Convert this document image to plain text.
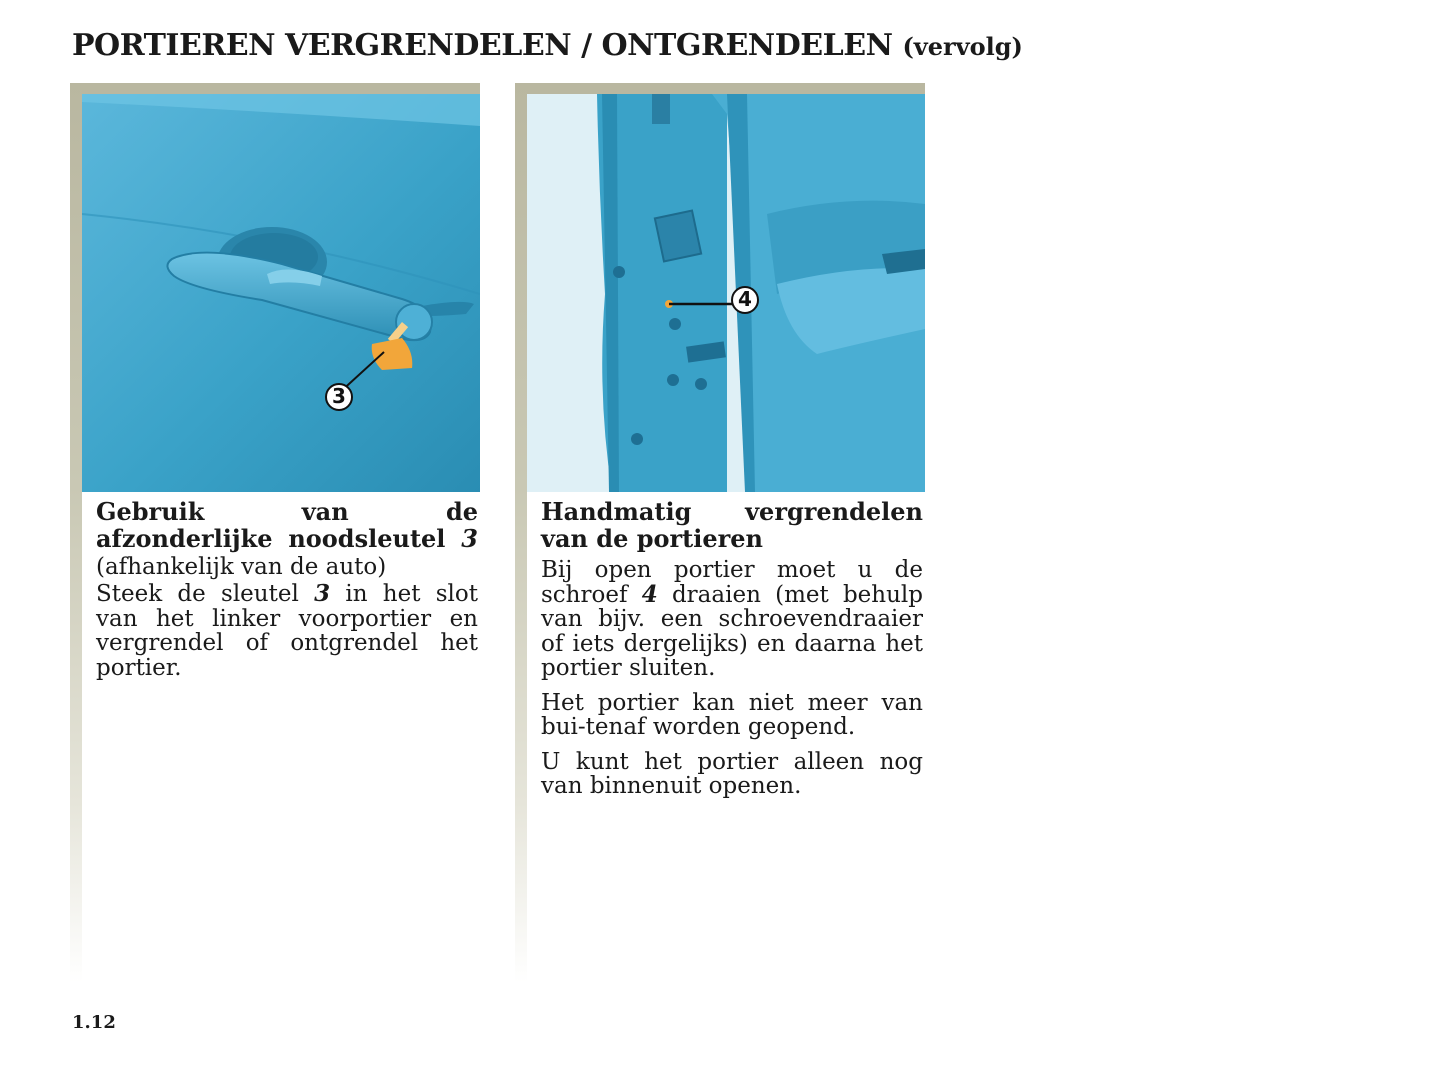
PORTIEREN VERGRENDELEN / ONTGRENDELEN (vervolg)
3
Gebruik van de afzonderlijke noodsleutel 3 (afhankelijk van de auto)

Steek de sleutel 3 in het slot van het linker voorportier en vergrendel of ontgrendel het portier.

4
Handmatig vergrendelen van de portieren

Bij open portier moet u de schroef 4 draaien (met behulp van bijv. een schroevendraaier of iets dergelijks) en daarna het portier sluiten.

Het portier kan niet meer van bui-tenaf worden geopend.

U kunt het portier alleen nog van binnenuit openen.

1.12
